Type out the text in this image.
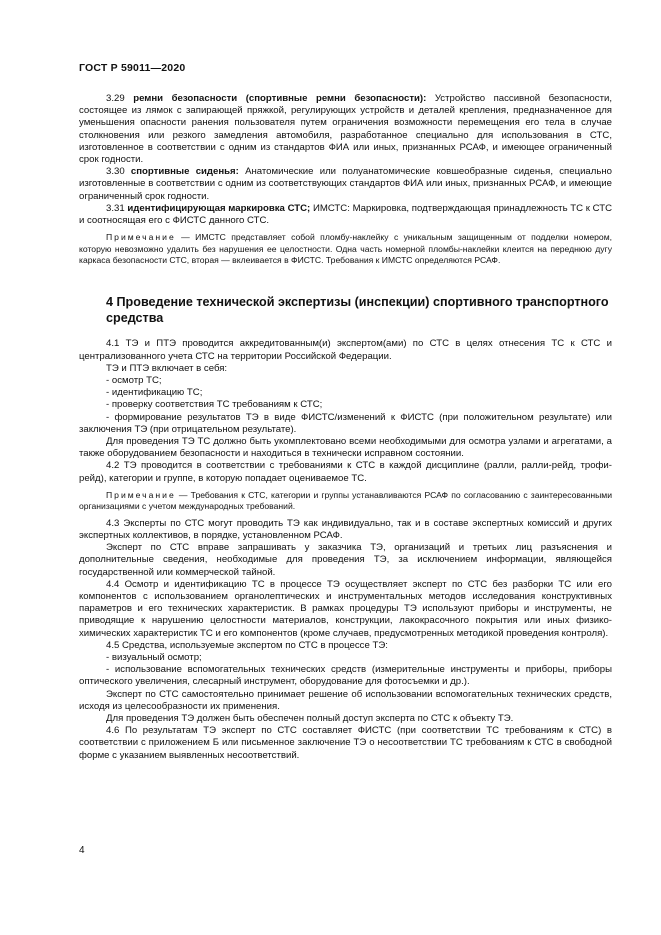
ГОСТ Р 59011—2020

3.29 ремни безопасности (спортивные ремни безопасности): Устройство пассивной безопасности, состоящее из лямок с запирающей пряжкой, регулирующих устройств и деталей крепления, предназначенное для уменьшения опасности ранения пользователя путем ограничения возможности перемещения его тела в случае столкновения или резкого замедления автомобиля, разработанное специально для использования в СТС, изготовленное в соответствии с одним из стандартов ФИА или иных, признанных РСАФ, и имеющее ограниченный срок годности.

3.30 спортивные сиденья: Анатомические или полуанатомические ковшеобразные сиденья, специально изготовленные в соответствии с одним из соответствующих стандартов ФИА или иных, признанных РСАФ, и имеющие ограниченный срок годности.

3.31 идентифицирующая маркировка СТС; ИМСТС: Маркировка, подтверждающая принадлежность ТС к СТС и соотносящая его с ФИСТС данного СТС.

Примечание — ИМСТС представляет собой пломбу-наклейку с уникальным защищенным от подделки номером, которую невозможно удалить без нарушения ее целостности. Одна часть номерной пломбы-наклейки клеится на переднюю дугу каркаса безопасности СТС, вторая — вклеивается в ФИСТС. Требования к ИМСТС определяются РСАФ.

4 Проведение технической экспертизы (инспекции) спортивного транспортного средства

4.1 ТЭ и ПТЭ проводится аккредитованным(и) экспертом(ами) по СТС в целях отнесения ТС к СТС и централизованного учета СТС на территории Российской Федерации.

ТЭ и ПТЭ включает в себя:

- осмотр ТС;

- идентификацию ТС;

- проверку соответствия ТС требованиям к СТС;

- формирование результатов ТЭ в виде ФИСТС/изменений к ФИСТС (при положительном результате) или заключения ТЭ (при отрицательном результате).

Для проведения ТЭ ТС должно быть укомплектовано всеми необходимыми для осмотра узлами и агрегатами, а также оборудованием безопасности и находиться в технически исправном состоянии.

4.2 ТЭ проводится в соответствии с требованиями к СТС в каждой дисциплине (ралли, ралли-рейд, трофи-рейд), категории и группе, в которую попадает оцениваемое ТС.

Примечание — Требования к СТС, категории и группы устанавливаются РСАФ по согласованию с заинтересованными организациями с учетом международных требований.

4.3 Эксперты по СТС могут проводить ТЭ как индивидуально, так и в составе экспертных комиссий и других экспертных коллективов, в порядке, установленном РСАФ.

Эксперт по СТС вправе запрашивать у заказчика ТЭ, организаций и третьих лиц разъяснения и дополнительные сведения, необходимые для проведения ТЭ, за исключением информации, являющейся государственной или коммерческой тайной.

4.4 Осмотр и идентификацию ТС в процессе ТЭ осуществляет эксперт по СТС без разборки ТС или его компонентов с использованием органолептических и инструментальных методов исследования конструктивных параметров и его технических характеристик. В рамках процедуры ТЭ используют приборы и инструменты, не приводящие к нарушению целостности материалов, конструкции, лакокрасочного покрытия или иных физико-химических характеристик ТС и его компонентов (кроме случаев, предусмотренных методикой проведения контроля).

4.5 Средства, используемые экспертом по СТС в процессе ТЭ:

- визуальный осмотр;

- использование вспомогательных технических средств (измерительные инструменты и приборы, приборы оптического увеличения, слесарный инструмент, оборудование для фотосъемки и др.).

Эксперт по СТС самостоятельно принимает решение об использовании вспомогательных технических средств, исходя из целесообразности их применения.

Для проведения ТЭ должен быть обеспечен полный доступ эксперта по СТС к объекту ТЭ.

4.6 По результатам ТЭ эксперт по СТС составляет ФИСТС (при соответствии ТС требованиям к СТС) в соответствии с приложением Б или письменное заключение ТЭ о несоответствии ТС требованиям к СТС в свободной форме с указанием выявленных несоответствий.

4
